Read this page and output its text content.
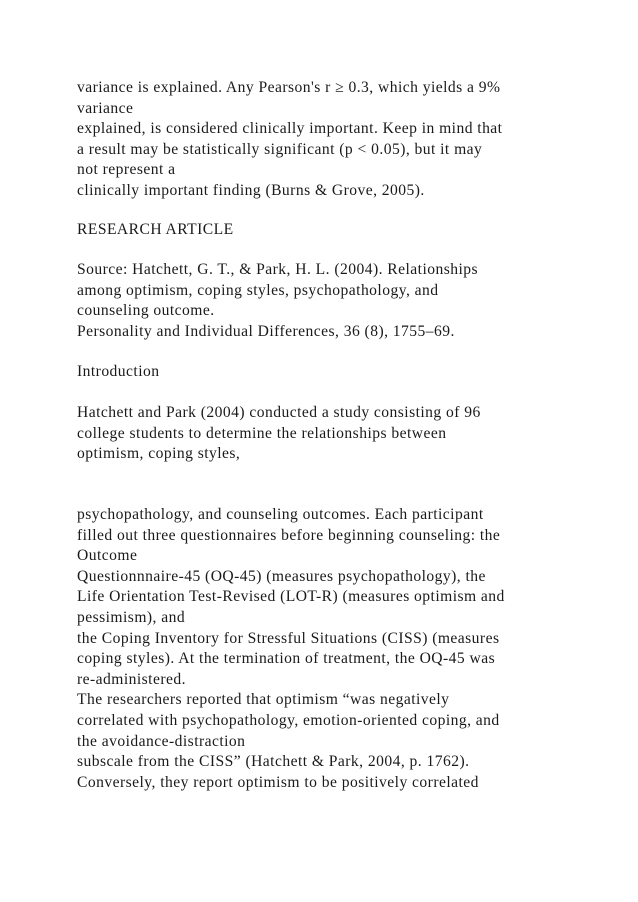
variance is explained. Any Pearson's r ≥ 0.3, which yields a 9%
variance
explained, is considered clinically important. Keep in mind that
a result may be statistically significant (p < 0.05), but it may
not represent a
clinically important finding (Burns & Grove, 2005).
RESEARCH ARTICLE
Source: Hatchett, G. T., & Park, H. L. (2004). Relationships
among optimism, coping styles, psychopathology, and
counseling outcome.
Personality and Individual Differences, 36 (8), 1755–69.
Introduction
Hatchett and Park (2004) conducted a study consisting of 96
college students to determine the relationships between
optimism, coping styles,
psychopathology, and counseling outcomes. Each participant
filled out three questionnaires before beginning counseling: the
Outcome
Questionnnaire-45 (OQ-45) (measures psychopathology), the
Life Orientation Test-Revised (LOT-R) (measures optimism and
pessimism), and
the Coping Inventory for Stressful Situations (CISS) (measures
coping styles). At the termination of treatment, the OQ-45 was
re-administered.
The researchers reported that optimism “was negatively
correlated with psychopathology, emotion-oriented coping, and
the avoidance-distraction
subscale from the CISS” (Hatchett & Park, 2004, p. 1762).
Conversely, they report optimism to be positively correlated
